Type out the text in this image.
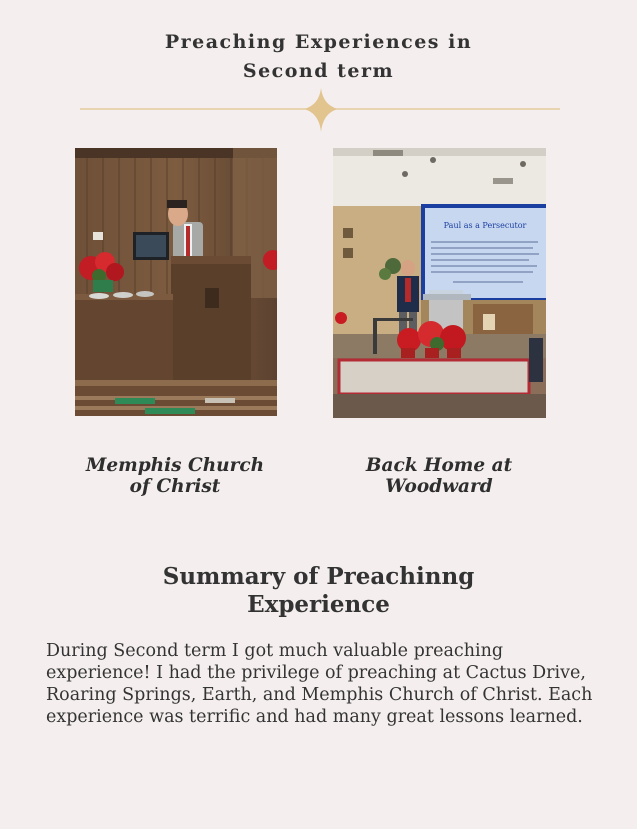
Preaching Experiences in
Second term
Paul as a Persecutor
Memphis Church
of Christ
Back Home at
Woodward
Summary of Preachinng
Experience

During Second term I got much valuable preaching experience! I had the privilege of preaching at Cactus Drive, Roaring Springs, Earth, and Memphis Church of Christ. Each experience was terrific and had many great lessons learned.
